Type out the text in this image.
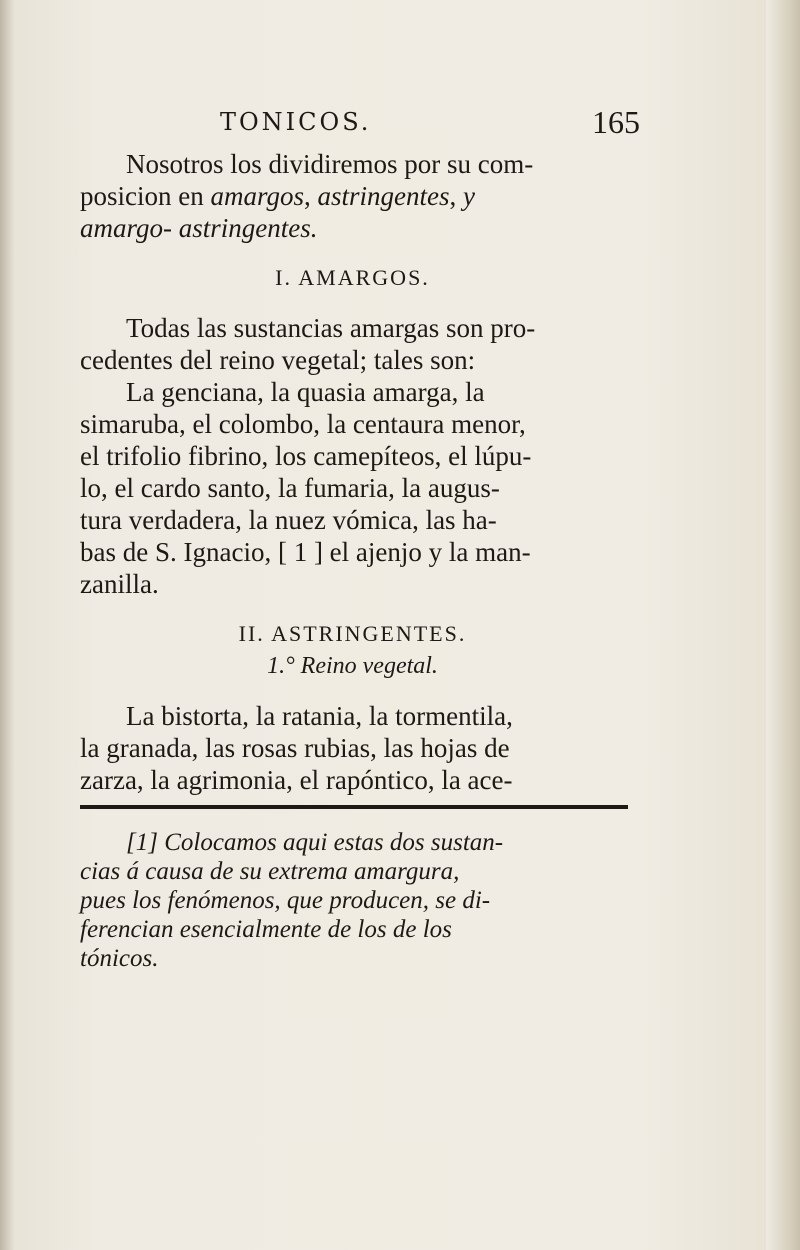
TONICOS.	165
Nosotros los dividiremos por su com-
posicion en amargos, astringentes, y
amargo- astringentes.
I. AMARGOS.
Todas las sustancias amargas son pro-
cedentes del reino vegetal; tales son:
La genciana, la quasia amarga, la
simaruba, el colombo, la centaura menor,
el trifolio fibrino, los camepíteos, el lúpu-
lo, el cardo santo, la fumaria, la augus-
tura verdadera, la nuez vómica, las ha-
bas de S. Ignacio, [ 1 ] el ajenjo y la man-
zanilla.
II. ASTRINGENTES.
1.° Reino vegetal.
La bistorta, la ratania, la tormentila,
la granada, las rosas rubias, las hojas de
zarza, la agrimonia, el rapóntico, la ace-
[1] Colocamos aqui estas dos sustan-
cias á causa de su extrema amargura,
pues los fenómenos, que producen, se di-
ferencian esencialmente de los de los
tónicos.
